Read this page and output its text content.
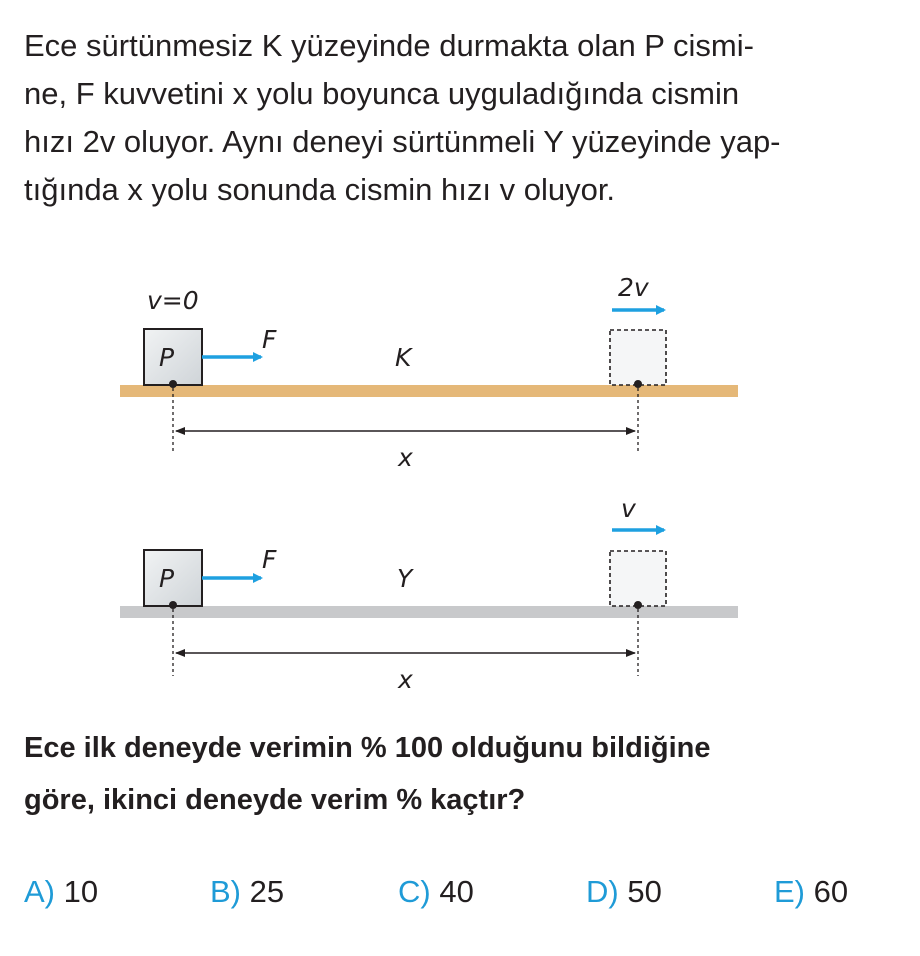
Ece sürtünmesiz K yüzeyinde durmakta olan P cismi-
ne, F kuvvetini x yolu boyunca uyguladığında cismin
hızı 2v oluyor. Aynı deneyi sürtünmeli Y yüzeyinde yap-
tığında x yolu sonunda cismin hızı v oluyor.
v=0
P
F
K
2v
x
P
F
Y
v
x
Ece ilk deneyde verimin % 100 olduğunu bildiğine
göre, ikinci deneyde verim % kaçtır?
A) 10	B) 25	C) 40	D) 50	E) 60
